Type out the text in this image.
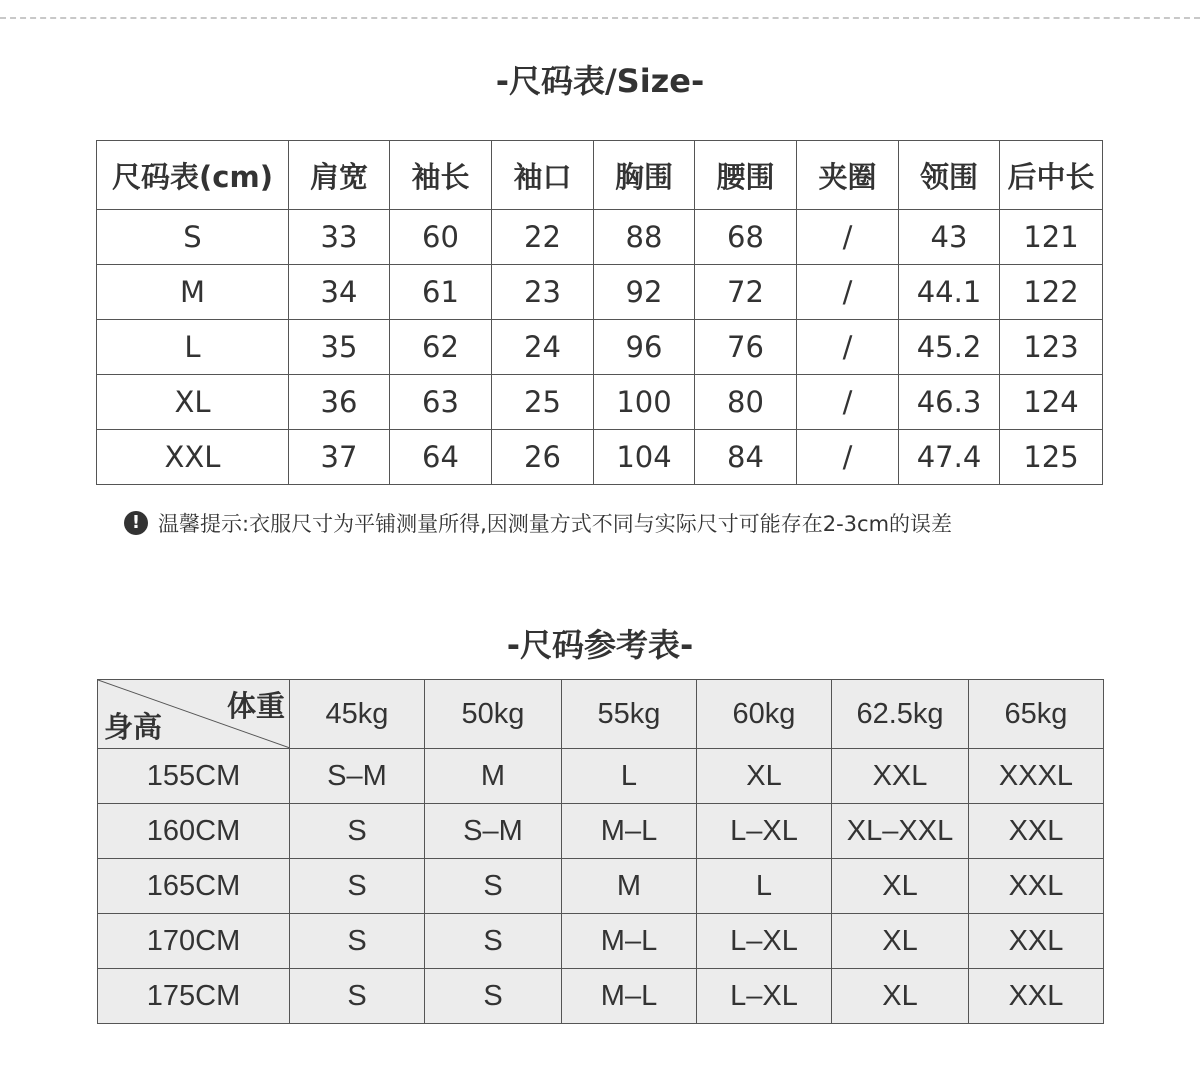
-尺码表/Size-
尺码表(cm)	肩宽	袖长	袖口	胸围	腰围	夹圈	领围	后中长
S	33	60	22	88	68	/	43	121
M	34	61	23	92	72	/	44.1	122
L	35	62	24	96	76	/	45.2	123
XL	36	63	25	100	80	/	46.3	124
XXL	37	64	26	104	84	/	47.4	125
! 温馨提示:衣服尺寸为平铺测量所得,因测量方式不同与实际尺寸可能存在2-3cm的误差
-尺码参考表-
体重
身高	45kg	50kg	55kg	60kg	62.5kg	65kg
155CM	S–M	M	L	XL	XXL	XXXL
160CM	S	S–M	M–L	L–XL	XL–XXL	XXL
165CM	S	S	M	L	XL	XXL
170CM	S	S	M–L	L–XL	XL	XXL
175CM	S	S	M–L	L–XL	XL	XXL
